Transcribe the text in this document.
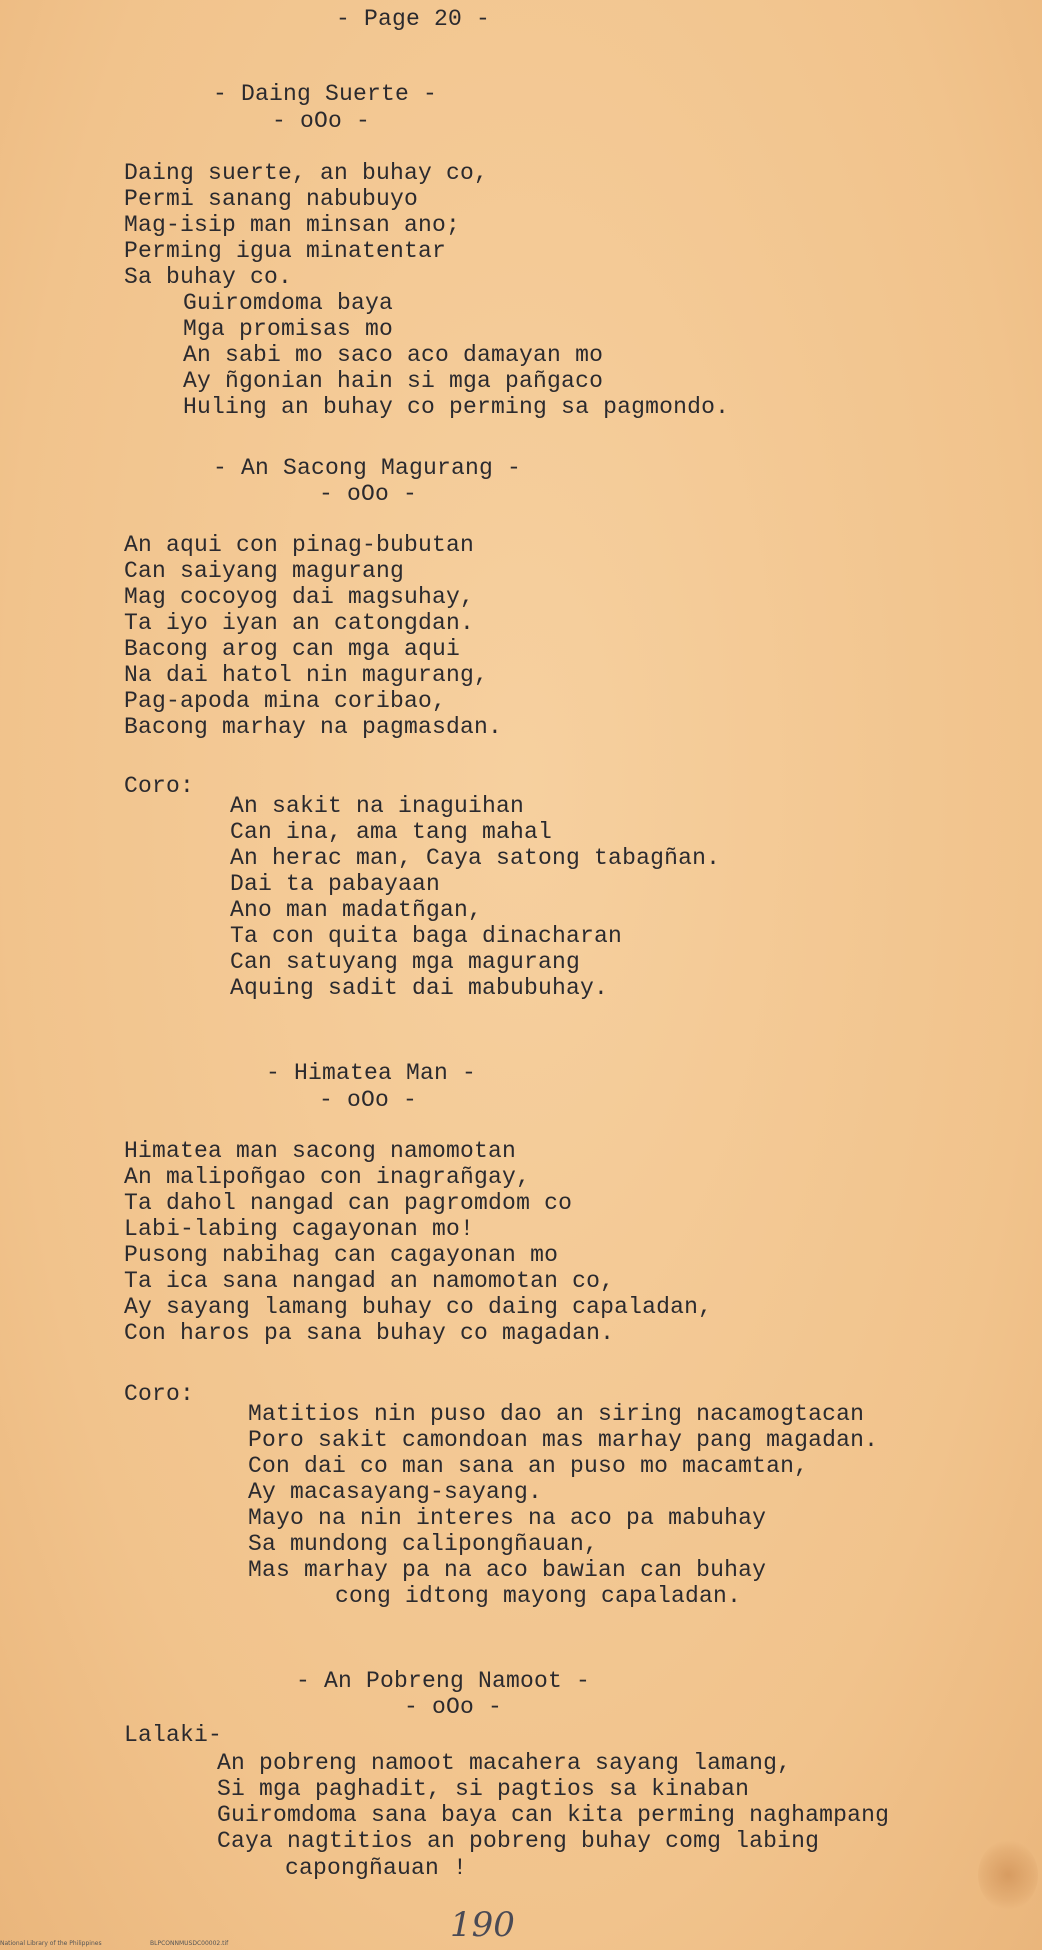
- Page 20 -

- Daing Suerte -

- oOo -

Daing suerte, an buhay co,

Permi sanang nabubuyo

Mag-isip man minsan ano;

Perming igua minatentar

Sa buhay co.

Guiromdoma baya

Mga promisas mo

An sabi mo saco aco damayan mo

Ay ñgonian hain si mga pañgaco

Huling an buhay co perming sa pagmondo.

- An Sacong Magurang -

- oOo -

An aqui con pinag-bubutan

Can saiyang magurang

Mag cocoyog dai magsuhay,

Ta iyo iyan an catongdan.

Bacong arog can mga aqui

Na dai hatol nin magurang,

Pag-apoda mina coribao,

Bacong marhay na pagmasdan.

Coro:

An sakit na inaguihan

Can ina, ama tang mahal

An herac man, Caya satong tabagñan.

Dai ta pabayaan

Ano man madatñgan,

Ta con quita baga dinacharan

Can satuyang mga magurang

Aquing sadit dai mabubuhay.

- Himatea Man -

- oOo -

Himatea man sacong namomotan

An malipoñgao con inagrañgay,

Ta dahol nangad can pagromdom co

Labi-labing cagayonan mo!

Pusong nabihag can cagayonan mo

Ta ica sana nangad an namomotan co,

Ay sayang lamang buhay co daing capaladan,

Con haros pa sana buhay co magadan.

Coro:

Matitios nin puso dao an siring nacamogtacan

Poro sakit camondoan mas marhay pang magadan.

Con dai co man sana an puso mo macamtan,

Ay macasayang-sayang.

Mayo na nin interes na aco pa mabuhay

Sa mundong calipongñauan,

Mas marhay pa na aco bawian can buhay

cong idtong mayong capaladan.

- An Pobreng Namoot -

- oOo -

Lalaki-

An pobreng namoot macahera sayang lamang,

Si mga paghadit, si pagtios sa kinaban

Guiromdoma sana baya can kita perming naghampang

Caya nagtitios an pobreng buhay comg labing

capongñauan !

190
National Library of the Philippines	BLPCONNMUSDC00002.tif
